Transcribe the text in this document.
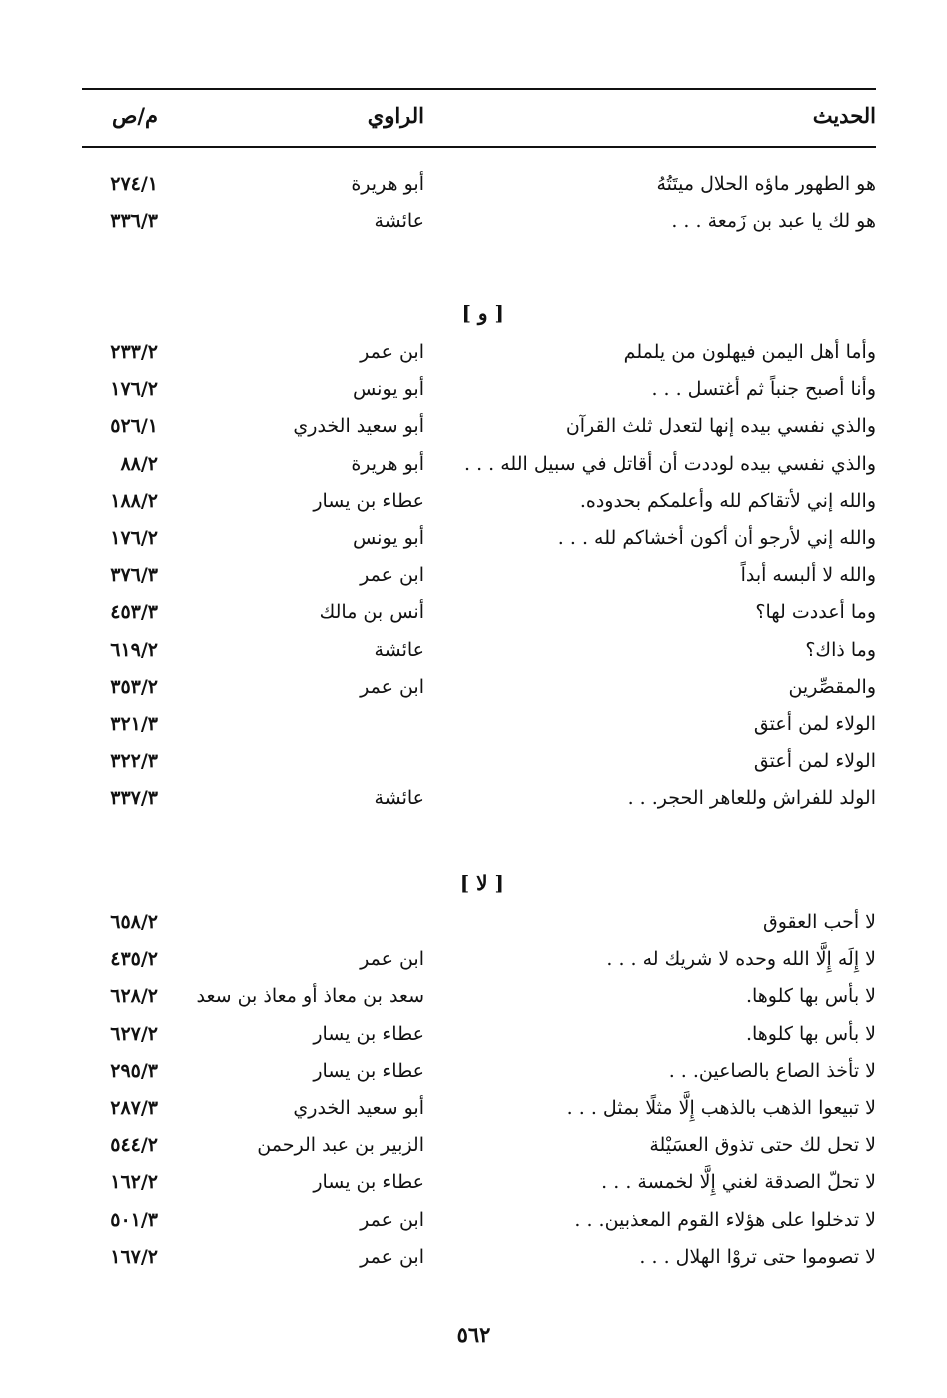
الحديث
الراوي
م/ص
٥٦٢
هو الطهور ماؤه الحلال ميتَتُهُ
أبو هريرة
٢٧٤/١
هو لك يا عبد بن زَمعة . . .
عائشة
٣٣٦/٣
[ و ]
وأما أهل اليمن فيهلون من يلملم
ابن عمر
٢٣٣/٢
وأنا أصبح جنباً ثم أغتسل . . .
أبو يونس
١٧٦/٢
والذي نفسي بيده إنها لتعدل ثلث القرآن
أبو سعيد الخدري
٥٢٦/١
والذي نفسي بيده لوددت أن أقاتل في سبيل الله . . .
أبو هريرة
٨٨/٢
والله إني لأتقاكم لله وأعلمكم بحدوده.
عطاء بن يسار
١٨٨/٢
والله إني لأرجو أن أكون أخشاكم لله . . .
أبو يونس
١٧٦/٢
والله لا ألبسه أبداً
ابن عمر
٣٧٦/٣
وما أعددت لها؟
أنس بن مالك
٤٥٣/٣
وما ذاك؟
عائشة
٦١٩/٢
والمقصِّرين
ابن عمر
٣٥٣/٢
الولاء لمن أعتق
٣٢١/٣
الولاء لمن أعتق
٣٢٢/٣
الولد للفراش وللعاهر الحجر. . .
عائشة
٣٣٧/٣
[ لا ]
لا أحب العقوق
٦٥٨/٢
لا إِلَه إِلَّا الله وحده لا شريك له . . .
ابن عمر
٤٣٥/٢
لا بأس بها كلوها.
سعد بن معاذ أو معاذ بن سعد
٦٢٨/٢
لا بأس بها كلوها.
عطاء بن يسار
٦٢٧/٢
لا تأخذ الصاع بالصاعين. . .
عطاء بن يسار
٢٩٥/٣
لا تبيعوا الذهب بالذهب إِلَّا مثلًا بمثل . . .
أبو سعيد الخدري
٢٨٧/٣
لا تحل لك حتى تذوق العسَيْلة
الزبير بن عبد الرحمن
٥٤٤/٢
لا تحلّ الصدقة لغني إِلَّا لخمسة . . .
عطاء بن يسار
١٦٢/٢
لا تدخلوا على هؤلاء القوم المعذبين. . .
ابن عمر
٥٠١/٣
لا تصوموا حتى تروْا الهلال . . .
ابن عمر
١٦٧/٢
